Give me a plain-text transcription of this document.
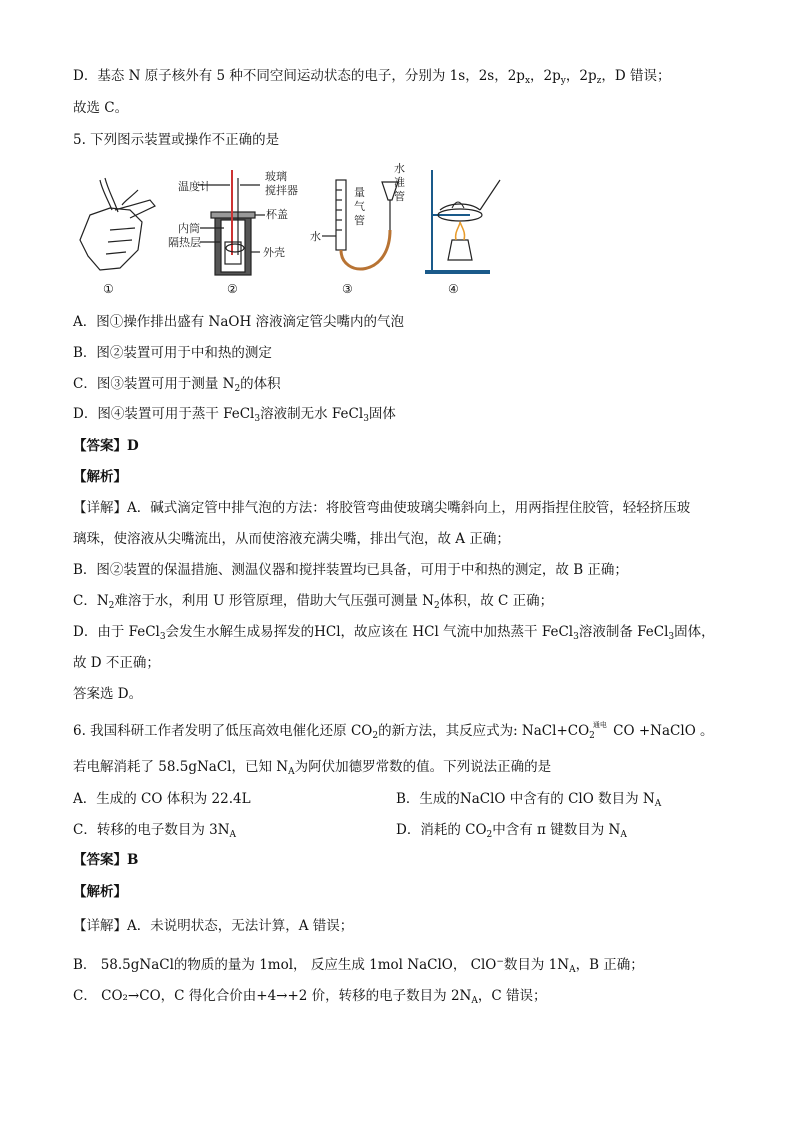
D．基态 N 原子核外有 5 种不同空间运动状态的电子，分别为 1s，2s，$2p_x$，$2p_y$，$2p_z$，D 错误；
故选 C。
5. 下列图示装置或操作不正确的是
温度计
玻璃
搅拌器
杯盖
内筒
隔热层
外壳
量
气
管
水
准
管
水
①	②	③	④
A．图①操作排出盛有 NaOH 溶液滴定管尖嘴内的气泡
B．图②装置可用于中和热的测定
C．图③装置可用于测量 $N_2$的体积
D．图④装置可用于蒸干 FeCl$_3$溶液制无水 FeCl$_3$固体
【答案】D
【解析】
【详解】A．碱式滴定管中排气泡的方法：将胶管弯曲使玻璃尖嘴斜向上，用两指捏住胶管，轻轻挤压玻
璃珠，使溶液从尖嘴流出，从而使溶液充满尖嘴，排出气泡，故 A 正确；
B．图②装置的保温措施、测温仪器和搅拌装置均已具备，可用于中和热的测定，故 B 正确；
C．$N_2$难溶于水，利用 U 形管原理，借助大气压强可测量 $N_2$体积，故 C 正确；
D．由于 FeCl$_3$会发生水解生成易挥发的HCl，故应该在 HCl 气流中加热蒸干 FeCl$_3$溶液制备 FeCl$_3$固体，
故 D 不正确；
答案选 D。
6. 我国科研工作者发明了低压高效电催化还原 $CO_2$的新方法，其反应式为: $NaCl+CO_2^{通电}$ CO +NaClO 。
若电解消耗了 58.5gNaCl，已知 $N_A$为阿伏加德罗常数的值。下列说法正确的是
A．生成的 CO 体积为 22.4L	B．生成的NaClO 中含有的 ClO 数目为 $N_A$
C．转移的电子数目为 $3N_A$	D．消耗的 $CO_2$中含有 π 键数目为 $N_A$
【答案】B
【解析】
【详解】A．未说明状态，无法计算，A 错误；
B． 58.5gNaCl的物质的量为 1mol， 反应生成 1mol NaClO， ClO−数目为 $1N_A$，B 正确；
C． CO₂→CO，C 得化合价由+4→+2 价，转移的电子数目为 $2N_A$，C 错误；
